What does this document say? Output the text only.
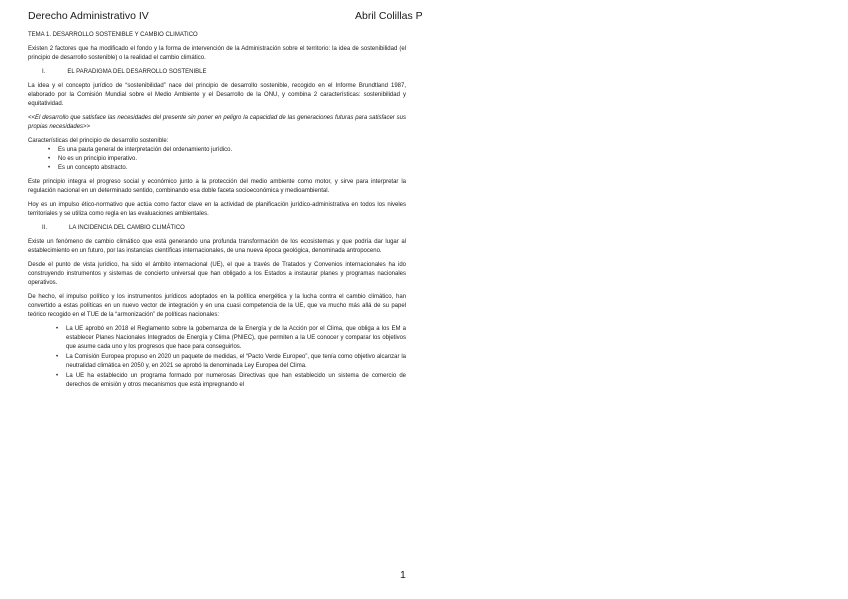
Derecho Administrativo IV	Abril Colillas P
TEMA 1. DESARROLLO SOSTENIBLE Y CAMBIO CLIMATICO

Existen 2 factores que ha modificado el fondo y la forma de intervención de la Administración sobre el territorio: la idea de sostenibilidad (el principio de desarrollo sostenible) o la realidad el cambio climático.

I.	EL PARADIGMA DEL DESARROLLO SOSTENIBLE

La idea y el concepto jurídico de “sostenibilidad” nace del principio de desarrollo sostenible, recogido en el Informe Brundtland 1987, elaborado por la Comisión Mundial sobre el Medio Ambiente y el Desarrollo de la ONU, y combina 2 características: sostenibilidad y equitatividad.

<<El desarrollo que satisface las necesidades del presente sin poner en peligro la capacidad de las generaciones futuras para satisfacer sus propias necesidades>>

Características del principio de desarrollo sostenible:
• Es una pauta general de interpretación del ordenamiento jurídico.
• No es un principio imperativo.
• Es un concepto abstracto.

Este principio integra el progreso social y económico junto a la protección del medio ambiente como motor, y sirve para interpretar la regulación nacional en un determinado sentido, combinando esa doble faceta socioeconómica y medioambiental.

Hoy es un impulso ético-normativo que actúa como factor clave en la actividad de planificación jurídico-administrativa en todos los niveles territoriales y se utiliza como regla en las evaluaciones ambientales.

II.	LA INCIDENCIA DEL CAMBIO CLIMÁTICO

Existe un fenómeno de cambio climático que está generando una profunda transformación de los ecosistemas y que podría dar lugar al establecimiento en un futuro, por las instancias científicas internacionales, de una nueva época geológica, denominada antropoceno.

Desde el punto de vista jurídico, ha sido el ámbito internacional (UE), el que a través de Tratados y Convenios internacionales ha ido construyendo instrumentos y sistemas de concierto universal que han obligado a los Estados a instaurar planes y programas nacionales operativos.

De hecho, el impulso político y los instrumentos jurídicos adoptados en la política energética y la lucha contra el cambio climático, han convertido a estas políticas en un nuevo vector de integración y en una cuasi competencia de la UE, que va mucho más allá de su papel teórico recogido en el TUE de la “armonización” de políticas nacionales:

• La UE aprobó en 2018 el Reglamento sobre la gobernanza de la Energía y de la Acción por el Clima, que obliga a los EM a establecer Planes Nacionales Integrados de Energía y Clima (PNIEC), que permiten a la UE conocer y comparar los objetivos que asume cada uno y los progresos que hace para conseguirlos.
• La Comisión Europea propuso en 2020 un paquete de medidas, el “Pacto Verde Europeo”, que tenía como objetivo alcanzar la neutralidad climática en 2050 y, en 2021 se aprobó la denominada Ley Europea del Clima.
• La UE ha establecido un programa formado por numerosas Directivas que han establecido un sistema de comercio de derechos de emisión y otros mecanismos que está impregnando el
1
